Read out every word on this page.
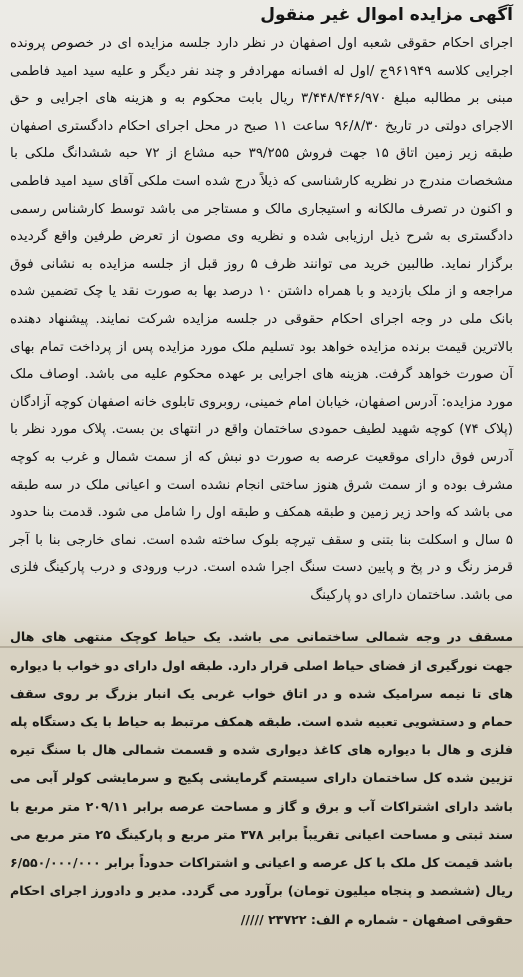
آگهی مزایده اموال غیر منقول

اجرای احکام حقوقی شعبه اول اصفهان در نظر دارد جلسه مزایده ای در خصوص پرونده اجرایی کلاسه ۹۶۱۹۴۹ج /اول له افسانه مهرادفر و چند نفر دیگر و علیه سید امید فاطمی مبنی بر مطالبه مبلغ ۳/۴۴۸/۴۴۶/۹۷۰ ریال بابت محکوم به و هزینه های اجرایی و حق الاجرای دولتی در تاریخ ۹۶/۸/۳۰ ساعت ۱۱ صبح در محل اجرای احکام دادگستری اصفهان طبقه زیر زمین اتاق ۱۵ جهت فروش ۳۹/۲۵۵ حبه مشاع از ۷۲ حبه ششدانگ ملکی با مشخصات مندرج در نظریه کارشناسی که ذیلاً درج شده است ملکی آقای سید امید فاطمی و اکنون در تصرف مالکانه و استیجاری مالک و مستاجر می باشد توسط کارشناس رسمی دادگستری به شرح ذیل ارزیابی شده و نظریه وی مصون از تعرض طرفین واقع گردیده برگزار نماید. طالبین خرید می توانند ظرف ۵ روز قبل از جلسه مزایده به نشانی فوق مراجعه و از ملک بازدید و با همراه داشتن ۱۰ درصد بها به صورت نقد یا چک تضمین شده بانک ملی در وجه اجرای احکام حقوقی در جلسه مزایده شرکت نمایند. پیشنهاد دهنده بالاترین قیمت برنده مزایده خواهد بود تسلیم ملک مورد مزایده پس از پرداخت تمام بهای آن صورت خواهد گرفت. هزینه های اجرایی بر عهده محکوم علیه می باشد. اوصاف ملک مورد مزایده: آدرس اصفهان، خیابان امام خمینی، روبروی تابلوی خانه اصفهان کوچه آزادگان (پلاک ۷۴) کوچه شهید لطیف حمودی ساختمان واقع در انتهای بن بست. پلاک مورد نظر با آدرس فوق دارای موقعیت عرصه به صورت دو نبش که از سمت شمال و غرب به کوچه مشرف بوده و از سمت شرق هنوز ساختی انجام نشده است و اعیانی ملک در سه طبقه می باشد که واحد زیر زمین و طبقه همکف و طبقه اول را شامل می شود. قدمت بنا حدود ۵ سال و اسکلت بنا بتنی و سقف تیرچه بلوک ساخته شده است. نمای خارجی بنا با آجر قرمز رنگ و در پخ و پایین دست سنگ اجرا شده است. درب ورودی و درب پارکینگ فلزی می باشد. ساختمان دارای دو پارکینگ

مسقف در وجه شمالی ساختمانی می باشد. یک حیاط کوچک منتهی های هال جهت نورگیری از فضای حیاط اصلی قرار دارد. طبقه اول دارای دو خواب با دیواره های تا نیمه سرامیک شده و در اتاق خواب غربی یک انبار بزرگ بر روی سقف حمام و دستشویی تعبیه شده است. طبقه همکف مرتبط به حیاط با یک دستگاه پله فلزی و هال با دیواره های کاغذ دیواری شده و قسمت شمالی هال با سنگ تیره تزیین شده کل ساختمان دارای سیستم گرمایشی پکیج و سرمایشی کولر آبی می باشد دارای اشتراکات آب و برق و گاز و مساحت عرصه برابر ۲۰۹/۱۱ متر مربع با سند ثبتی و مساحت اعیانی تقریباً برابر ۳۷۸ متر مربع و پارکینگ ۲۵ متر مربع می باشد قیمت کل ملک با کل عرصه و اعیانی و اشتراکات حدوداً برابر ۶/۵۵۰/۰۰۰/۰۰۰ ریال (ششصد و پنجاه میلیون تومان) برآورد می گردد. مدیر و دادورز اجرای احکام حقوقی اصفهان - شماره م الف: ۲۳۷۲۲ /////
